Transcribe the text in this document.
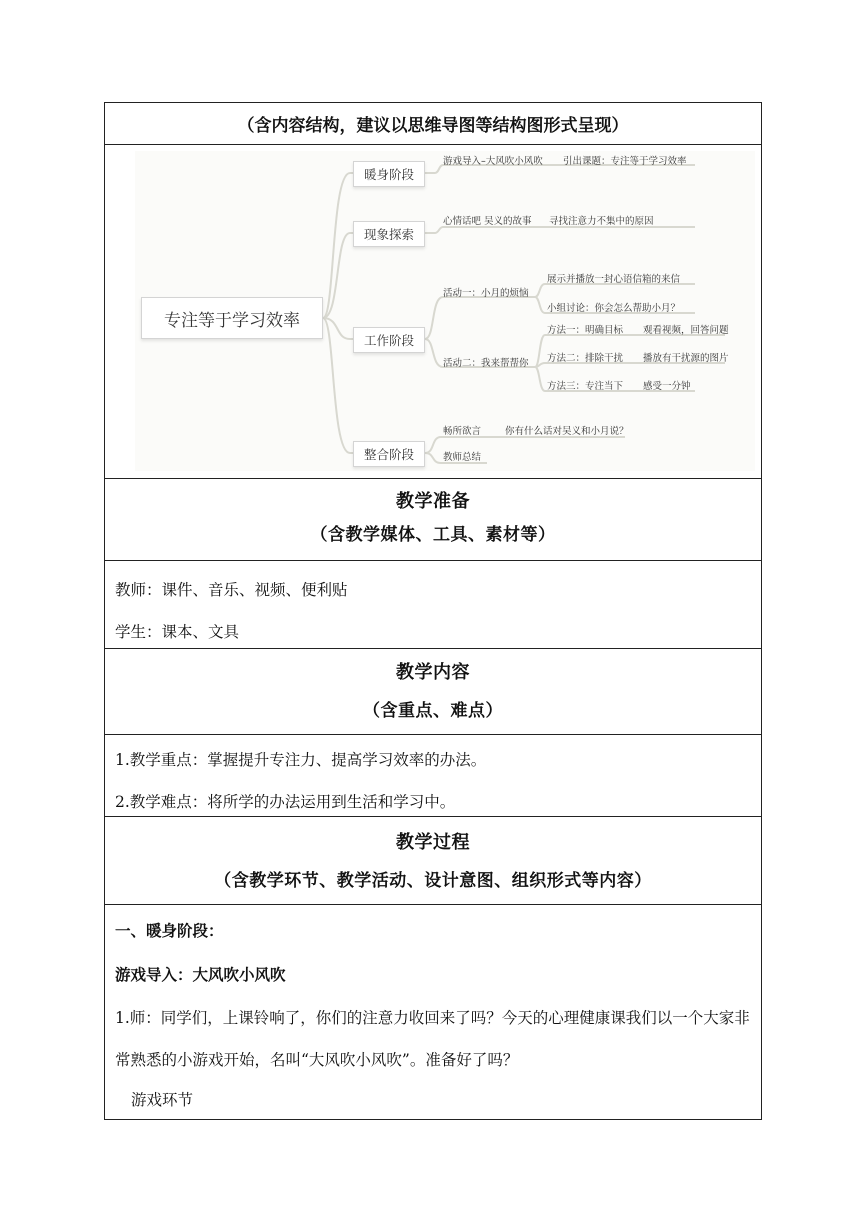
（含内容结构，建议以思维导图等结构图形式呈现）
专注等于学习效率
暖身阶段
现象探索
工作阶段
整合阶段
游戏导入–大风吹小风吹 引出课题：专注等于学习效率
心情话吧 吴义的故事 寻找注意力不集中的原因
活动一：小月的烦恼
展示并播放一封心语信箱的来信
小组讨论：你会怎么帮助小月？
活动二：我来帮帮你
方法一：明确目标 观看视频，回答问题
方法二：排除干扰 播放有干扰源的图片
方法三：专注当下 感受一分钟
畅所欲言	你有什么话对吴义和小月说？
教师总结
教学准备
（含教学媒体、工具、素材等）

教师：课件、音乐、视频、便利贴

学生：课本、文具

教学内容
（含重点、难点）

1.教学重点：掌握提升专注力、提高学习效率的办法。

2.教学难点：将所学的办法运用到生活和学习中。

教学过程
（含教学环节、教学活动、设计意图、组织形式等内容）

一、暖身阶段：

游戏导入：大风吹小风吹

1.师：同学们，上课铃响了，你们的注意力收回来了吗？今天的心理健康课我们以一个大家非常熟悉的小游戏开始，名叫“大风吹小风吹”。准备好了吗？

游戏环节
